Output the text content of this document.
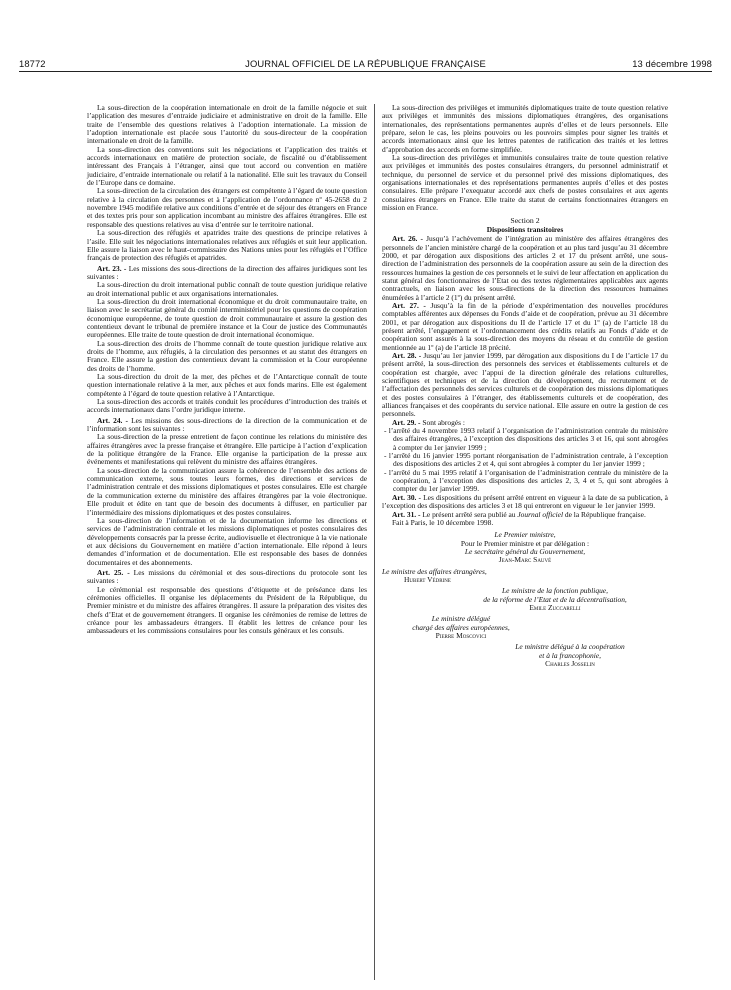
18772	JOURNAL OFFICIEL DE LA RÉPUBLIQUE FRANÇAISE	13 décembre 1998

La sous-direction de la coopération internationale en droit de la famille négocie et suit l’application des mesures d’entraide judiciaire et administrative en droit de la famille. Elle traite de l’ensemble des questions relatives à l’adoption internationale. La mission de l’adoption internationale est placée sous l’autorité du sous-directeur de la coopération internationale en droit de la famille.

La sous-direction des conventions suit les négociations et l’application des traités et accords internationaux en matière de protection sociale, de fiscalité ou d’établissement intéressant des Français à l’étranger, ainsi que tout accord ou convention en matière judiciaire, d’entraide internationale ou relatif à la nationalité. Elle suit les travaux du Conseil de l’Europe dans ce domaine.

La sous-direction de la circulation des étrangers est compétente à l’égard de toute question relative à la circulation des personnes et à l’application de l’ordonnance nº 45-2658 du 2 novembre 1945 modifiée relative aux conditions d’entrée et de séjour des étrangers en France et des textes pris pour son application incombant au ministre des affaires étrangères. Elle est responsable des questions relatives au visa d’entrée sur le territoire national.

La sous-direction des réfugiés et apatrides traite des questions de principe relatives à l’asile. Elle suit les négociations internationales relatives aux réfugiés et suit leur application. Elle assure la liaison avec le haut-commissaire des Nations unies pour les réfugiés et l’Office français de protection des réfugiés et apatrides.

Art. 23. - Les missions des sous-directions de la direction des affaires juridiques sont les suivantes :

La sous-direction du droit international public connaît de toute question juridique relative au droit international public et aux organisations internationales.

La sous-direction du droit international économique et du droit communautaire traite, en liaison avec le secrétariat général du comité interministériel pour les questions de coopération économique européenne, de toute question de droit communautaire et assure la gestion des contentieux devant le tribunal de première instance et la Cour de justice des Communautés européennes. Elle traite de toute question de droit international économique.

La sous-direction des droits de l’homme connaît de toute question juridique relative aux droits de l’homme, aux réfugiés, à la circulation des personnes et au statut des étrangers en France. Elle assure la gestion des contentieux devant la commission et la Cour européenne des droits de l’homme.

La sous-direction du droit de la mer, des pêches et de l’Antarctique connaît de toute question internationale relative à la mer, aux pêches et aux fonds marins. Elle est également compétente à l’égard de toute question relative à l’Antarctique.

La sous-direction des accords et traités conduit les procédures d’introduction des traités et accords internationaux dans l’ordre juridique interne.

Art. 24. - Les missions des sous-directions de la direction de la communication et de l’information sont les suivantes :

La sous-direction de la presse entretient de façon continue les relations du ministère des affaires étrangères avec la presse française et étrangère. Elle participe à l’action d’explication de la politique étrangère de la France. Elle organise la participation de la presse aux événements et manifestations qui relèvent du ministre des affaires étrangères.

La sous-direction de la communication assure la cohérence de l’ensemble des actions de communication externe, sous toutes leurs formes, des directions et services de l’administration centrale et des missions diplomatiques et postes consulaires. Elle est chargée de la communication externe du ministère des affaires étrangères par la voie électronique. Elle produit et édite en tant que de besoin des documents à diffuser, en particulier par l’intermédiaire des missions diplomatiques et des postes consulaires.

La sous-direction de l’information et de la documentation informe les directions et services de l’administration centrale et les missions diplomatiques et postes consulaires des développements consacrés par la presse écrite, audiovisuelle et électronique à la vie nationale et aux décisions du Gouvernement en matière d’action internationale. Elle répond à leurs demandes d’information et de documentation. Elle est responsable des bases de données documentaires et des abonnements.

Art. 25. - Les missions du cérémonial et des sous-directions du protocole sont les suivantes :

Le cérémonial est responsable des questions d’étiquette et de préséance dans les cérémonies officielles. Il organise les déplacements du Président de la République, du Premier ministre et du ministre des affaires étrangères. Il assure la préparation des visites des chefs d’Etat et de gouvernement étrangers. Il organise les cérémonies de remise de lettres de créance pour les ambassadeurs étrangers. Il établit les lettres de créance pour les ambassadeurs et les commissions consulaires pour les consuls généraux et les consuls.

La sous-direction des privilèges et immunités diplomatiques traite de toute question relative aux privilèges et immunités des missions diplomatiques étrangères, des organisations internationales, des représentations permanentes auprès d’elles et de leurs personnels. Elle prépare, selon le cas, les pleins pouvoirs ou les pouvoirs simples pour signer les traités et accords internationaux ainsi que les lettres patentes de ratification des traités et les lettres d’approbation des accords en forme simplifiée.

La sous-direction des privilèges et immunités consulaires traite de toute question relative aux privilèges et immunités des postes consulaires étrangers, du personnel administratif et technique, du personnel de service et du personnel privé des missions diplomatiques, des organisations internationales et des représentations permanentes auprès d’elles et des postes consulaires. Elle prépare l’exequatur accordé aux chefs de postes consulaires et aux agents consulaires étrangers en France. Elle traite du statut de certains fonctionnaires étrangers en mission en France.

Section 2

Dispositions transitoires

Art. 26. - Jusqu’à l’achèvement de l’intégration au ministère des affaires étrangères des personnels de l’ancien ministère chargé de la coopération et au plus tard jusqu’au 31 décembre 2000, et par dérogation aux dispositions des articles 2 et 17 du présent arrêté, une sous-direction de l’administration des personnels de la coopération assure au sein de la direction des ressources humaines la gestion de ces personnels et le suivi de leur affectation en application du statut général des fonctionnaires de l’Etat ou des textes réglementaires applicables aux agents contractuels, en liaison avec les sous-directions de la direction des ressources humaines énumérées à l’article 2 (1º) du présent arrêté.

Art. 27. - Jusqu’à la fin de la période d’expérimentation des nouvelles procédures comptables afférentes aux dépenses du Fonds d’aide et de coopération, prévue au 31 décembre 2001, et par dérogation aux dispositions du II de l’article 17 et du 1º (a) de l’article 18 du présent arrêté, l’engagement et l’ordonnancement des crédits relatifs au Fonds d’aide et de coopération sont assurés à la sous-direction des moyens du réseau et du contrôle de gestion mentionnée au 1º (a) de l’article 18 précité.

Art. 28. - Jusqu’au 1er janvier 1999, par dérogation aux dispositions du I de l’article 17 du présent arrêté, la sous-direction des personnels des services et établissements culturels et de coopération est chargée, avec l’appui de la direction générale des relations culturelles, scientifiques et techniques et de la direction du développement, du recrutement et de l’affectation des personnels des services culturels et de coopération des missions diplomatiques et des postes consulaires à l’étranger, des établissements culturels et de coopération, des alliances françaises et des coopérants du service national. Elle assure en outre la gestion de ces personnels.

Art. 29. - Sont abrogés :

- l’arrêté du 4 novembre 1993 relatif à l’organisation de l’administration centrale du ministère des affaires étrangères, à l’exception des dispositions des articles 3 et 16, qui sont abrogées à compter du 1er janvier 1999 ;
- l’arrêté du 16 janvier 1995 portant réorganisation de l’administration centrale, à l’exception des dispositions des articles 2 et 4, qui sont abrogées à compter du 1er janvier 1999 ;
- l’arrêté du 5 mai 1995 relatif à l’organisation de l’administration centrale du ministère de la coopération, à l’exception des dispositions des articles 2, 3, 4 et 5, qui sont abrogées à compter du 1er janvier 1999.

Art. 30. - Les dispositions du présent arrêté entrent en vigueur à la date de sa publication, à l’exception des dispositions des articles 3 et 18 qui entreront en vigueur le 1er janvier 1999.

Art. 31. - Le présent arrêté sera publié au Journal officiel de la République française.

Fait à Paris, le 10 décembre 1998.

Le Premier ministre,
Pour le Premier ministre et par délégation :
Le secrétaire général du Gouvernement,
Jean-Marc Sauvé
Le ministre des affaires étrangères,
Hubert Védrine
Le ministre de la fonction publique,
de la réforme de l’Etat et de la décentralisation,
Emile Zuccarelli
Le ministre délégué
chargé des affaires européennes,
Pierre Moscovici
Le ministre délégué à la coopération
et à la francophonie,
Charles Josselin
